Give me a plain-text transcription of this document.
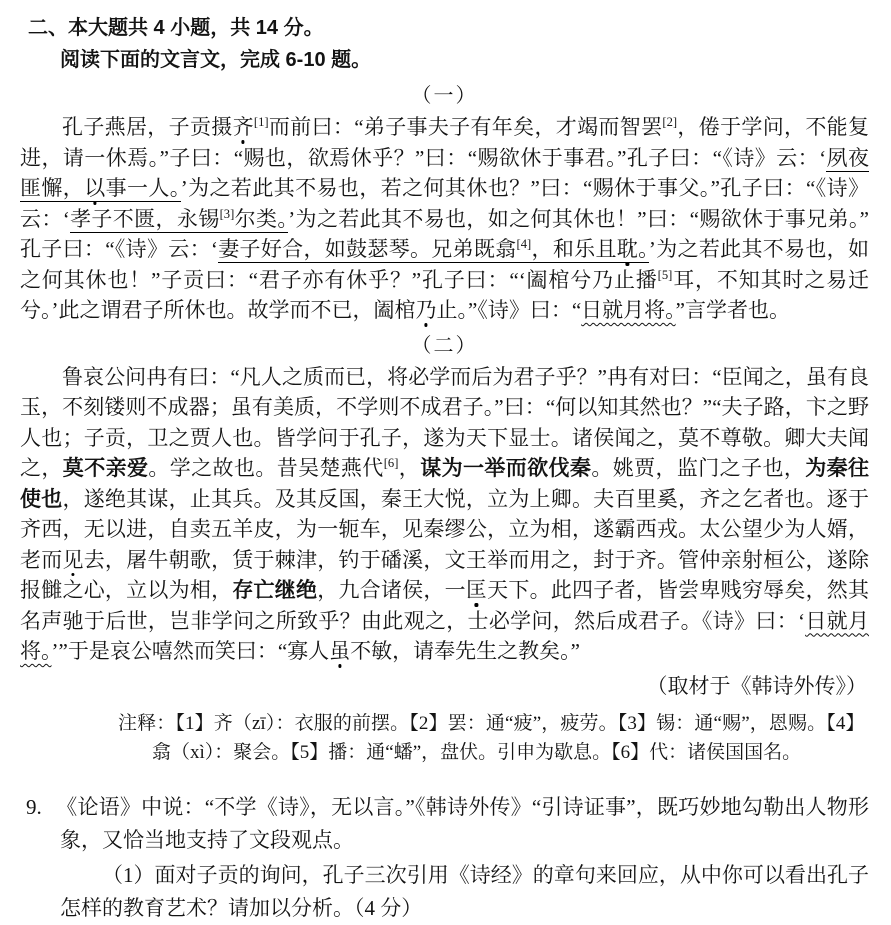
二、本大题共 4 小题，共 14 分。
阅读下面的文言文，完成 6-10 题。
（一）

孔子燕居，子贡摄齐[1]而前曰：“弟子事夫子有年矣，才竭而智罢[2]，倦于学问，不能复进，请一休焉。”子曰：“赐也，欲焉休乎？”曰：“赐欲休于事君。”孔子曰：“《诗》云：‘夙夜匪懈，以事一人。’为之若此其不易也，若之何其休也？”曰：“赐休于事父。”孔子曰：“《诗》云：‘孝子不匮，永锡[3]尔类。’为之若此其不易也，如之何其休也！”曰：“赐欲休于事兄弟。”孔子曰：“《诗》云：‘妻子好合，如鼓瑟琴。兄弟既翕[4]，和乐且耽。’为之若此其不易也，如之何其休也！”子贡曰：“君子亦有休乎？”孔子曰：“‘阖棺兮乃止播[5]耳，不知其时之易迁兮。’此之谓君子所休也。故学而不已，阖棺乃止。”《诗》曰：“日就月将。”言学者也。

（二）

鲁哀公问冉有曰：“凡人之质而已，将必学而后为君子乎？”冉有对曰：“臣闻之，虽有良玉，不刻镂则不成器；虽有美质，不学则不成君子。”曰：“何以知其然也？”“夫子路，卞之野人也；子贡，卫之贾人也。皆学问于孔子，遂为天下显士。诸侯闻之，莫不尊敬。卿大夫闻之，莫不亲爱。学之故也。昔吴楚燕代[6]，谋为一举而欲伐秦。姚贾，监门之子也，为秦往使也，遂绝其谋，止其兵。及其反国，秦王大悦，立为上卿。夫百里奚，齐之乞者也。逐于齐西，无以进，自卖五羊皮，为一轭车，见秦缪公，立为相，遂霸西戎。太公望少为人婿，老而见去，屠牛朝歌，赁于棘津，钓于磻溪，文王举而用之，封于齐。管仲亲射桓公，遂除报雠之心，立以为相，存亡继绝，九合诸侯，一匡天下。此四子者，皆尝卑贱穷辱矣，然其名声驰于后世，岂非学问之所致乎？由此观之，士必学问，然后成君子。《诗》曰：‘日就月将。’”于是哀公嘻然而笑曰：“寡人虽不敏，请奉先生之教矣。”

（取材于《韩诗外传》）
注释：【1】齐（zī）：衣服的前摆。【2】罢：通“疲”，疲劳。【3】锡：通“赐”，恩赐。【4】翕（xì）：聚会。【5】播：通“蟠”，盘伏。引申为歇息。【6】代：诸侯国国名。

9. 《论语》中说：“不学《诗》，无以言。”《韩诗外传》“引诗证事”，既巧妙地勾勒出人物形象，又恰当地支持了文段观点。

（1）面对子贡的询问，孔子三次引用《诗经》的章句来回应，从中你可以看出孔子怎样的教育艺术？请加以分析。（4 分）
